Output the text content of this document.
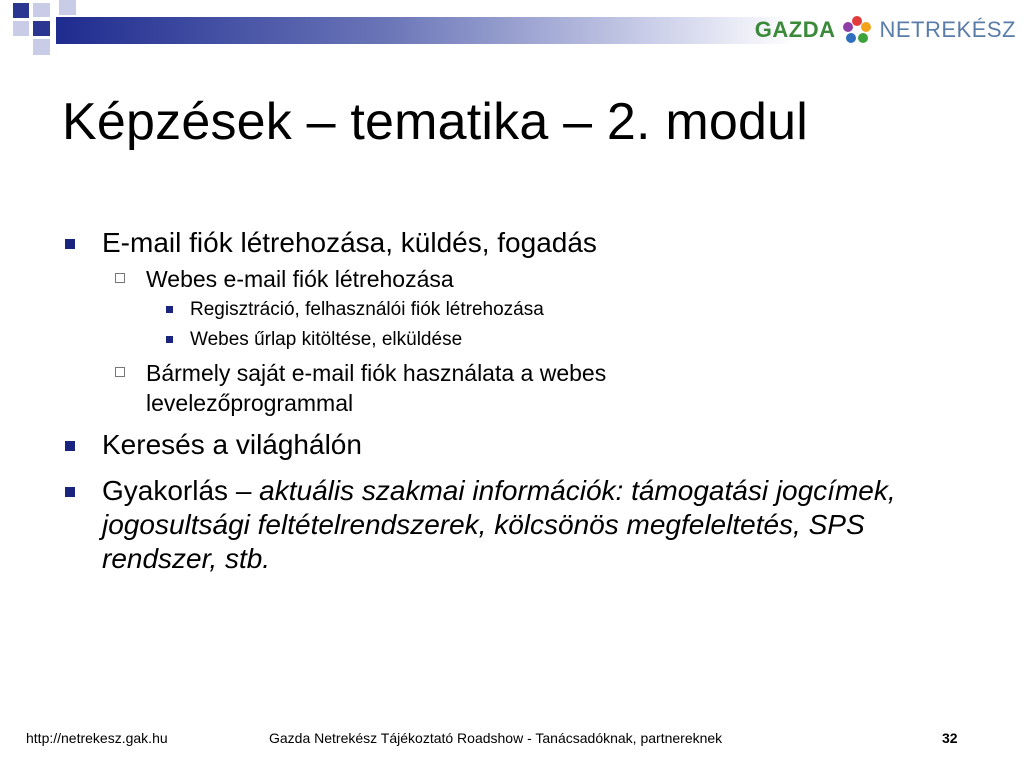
GAZDA NETREKÉSZ
Képzések – tematika – 2. modul
E-mail fiók létrehozása, küldés, fogadás
Webes e-mail fiók létrehozása
Regisztráció, felhasználói fiók létrehozása
Webes űrlap kitöltése, elküldése
Bármely saját e-mail fiók használata a webes levelezőprogrammal
Keresés a világhálón
Gyakorlás – aktuális szakmai információk: támogatási jogcímek, jogosultsági feltételrendszerek, kölcsönös megfeleltetés, SPS rendszer, stb.
http://netrekesz.gak.hu	Gazda Netrekész Tájékoztató Roadshow - Tanácsadóknak, partnereknek	32
